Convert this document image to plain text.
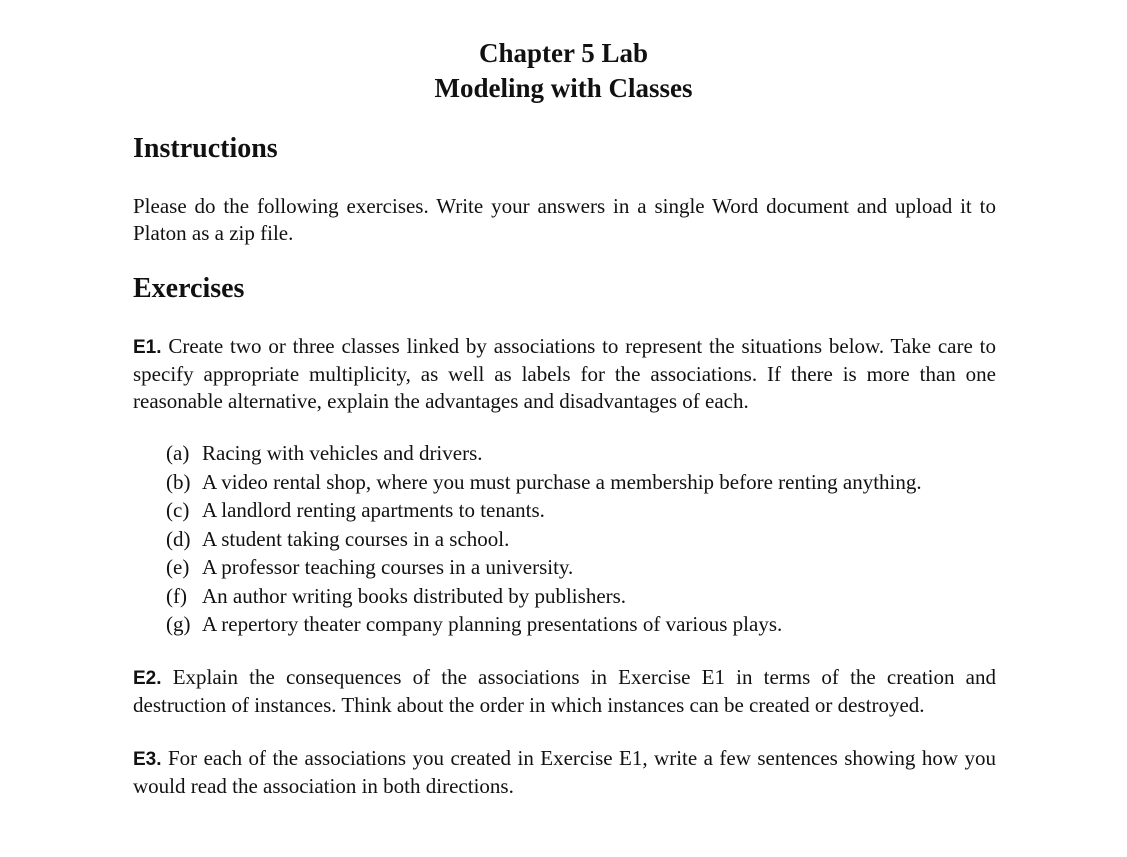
Chapter 5 Lab
Modeling with Classes
Instructions
Please do the following exercises. Write your answers in a single Word document and upload it to Platon as a zip file.
Exercises
E1. Create two or three classes linked by associations to represent the situations below. Take care to specify appropriate multiplicity, as well as labels for the associations. If there is more than one reasonable alternative, explain the advantages and disadvantages of each.
(a) Racing with vehicles and drivers.
(b) A video rental shop, where you must purchase a membership before renting anything.
(c) A landlord renting apartments to tenants.
(d) A student taking courses in a school.
(e) A professor teaching courses in a university.
(f) An author writing books distributed by publishers.
(g) A repertory theater company planning presentations of various plays.
E2. Explain the consequences of the associations in Exercise E1 in terms of the creation and destruction of instances. Think about the order in which instances can be created or destroyed.
E3. For each of the associations you created in Exercise E1, write a few sentences showing how you would read the association in both directions.
